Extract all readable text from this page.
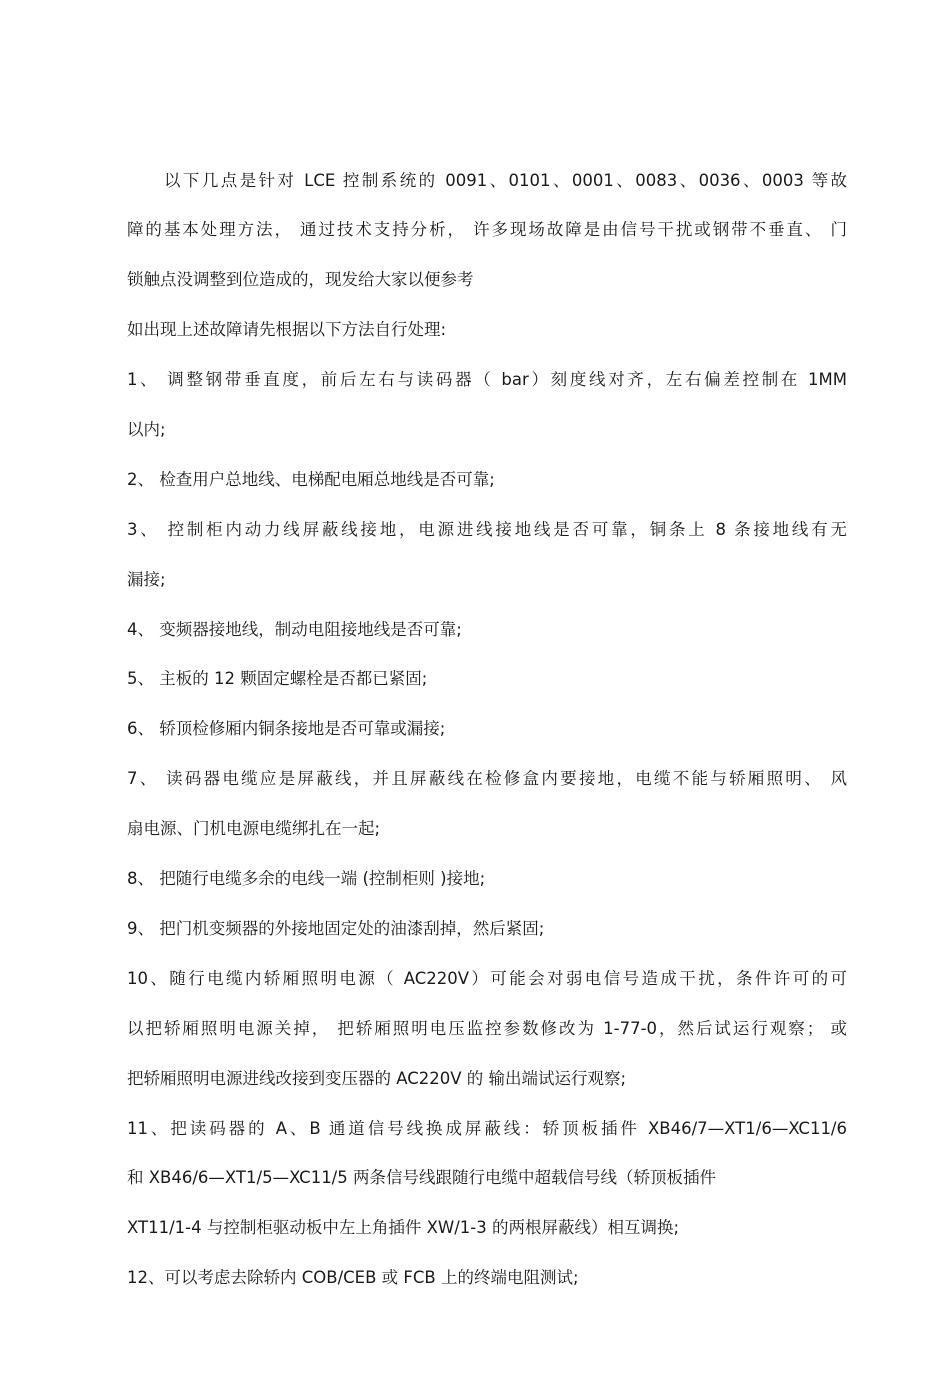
以下几点是针对 LCE 控制系统的 0091、0101、0001、0083、0036、0003 等故
障的基本处理方法， 通过技术支持分析， 许多现场故障是由信号干扰或钢带不垂直、 门
锁触点没调整到位造成的，现发给大家以便参考
如出现上述故障请先根据以下方法自行处理:
1、 调整钢带垂直度，前后左右与读码器（ bar）刻度线对齐，左右偏差控制在 1MM
以内;
2、 检查用户总地线、电梯配电厢总地线是否可靠;
3、 控制柜内动力线屏蔽线接地，电源进线接地线是否可靠，铜条上 8 条接地线有无
漏接;
4、 变频器接地线，制动电阻接地线是否可靠;
5、 主板的 12 颗固定螺栓是否都已紧固;
6、 轿顶检修厢内铜条接地是否可靠或漏接;
7、 读码器电缆应是屏蔽线，并且屏蔽线在检修盒内要接地，电缆不能与轿厢照明、 风
扇电源、门机电源电缆绑扎在一起;
8、 把随行电缆多余的电线一端 (控制柜则 )接地;
9、 把门机变频器的外接地固定处的油漆刮掉，然后紧固;
10、随行电缆内轿厢照明电源（ AC220V）可能会对弱电信号造成干扰，条件许可的可
以把轿厢照明电源关掉， 把轿厢照明电压监控参数修改为 1-77-0，然后试运行观察； 或
把轿厢照明电源进线改接到变压器的 AC220V 的 输出端试运行观察;
11、把读码器的 A、B 通道信号线换成屏蔽线：轿顶板插件 XB46/7—XT1/6—XC11/6
和 XB46/6—XT1/5—XC11/5 两条信号线跟随行电缆中超载信号线（轿顶板插件
XT11/1-4 与控制柜驱动板中左上角插件 XW/1-3 的两根屏蔽线）相互调换;
12、可以考虑去除轿内 COB/CEB 或 FCB 上的终端电阻测试;
